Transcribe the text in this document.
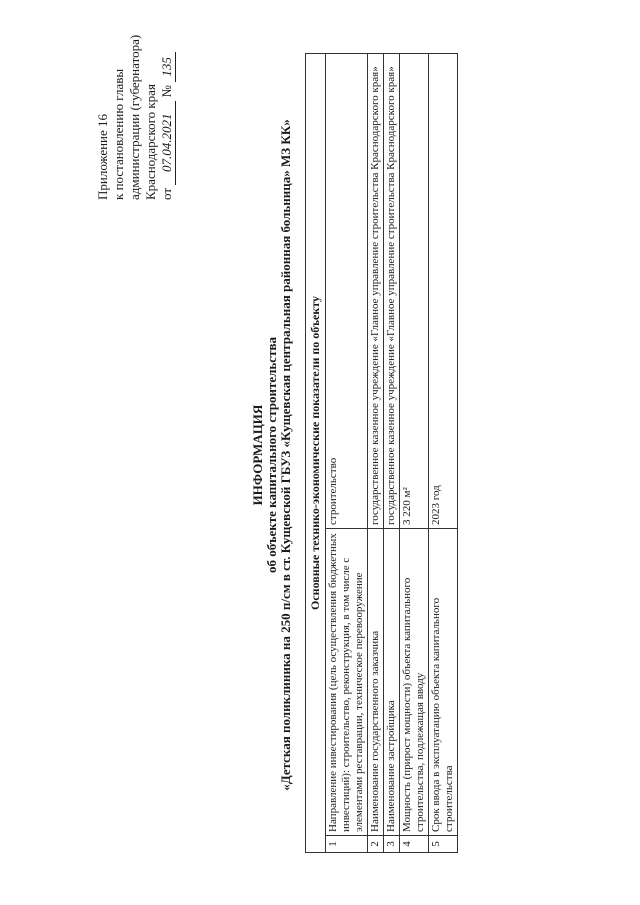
Приложение 16 к постановлению главы администрации (губернатора) Краснодарского края от 07.04.2021 № 135
ИНФОРМАЦИЯ об объекте капитального строительства «Детская поликлиника на 250 п/см в ст. Кущевской ГБУЗ «Кущевская центральная районная больница» МЗ КК» Основные технико-экономические показатели по объекту		
1	Направление инвестирования (цель осуществления бюджетных инвестиций): строительство, реконструкция, в том числе с элементами реставрации, техническое перевооружение	строительство
2	Наименование государственного заказчика	государственное казенное учреждение «Главное управление строительства Краснодарского края»
3	Наименование застройщика	государственное казенное учреждение «Главное управление строительства Краснодарского края»
4	Мощность (прирост мощности) объекта капитального строительства, подлежащая вводу	3 220 м²
5	Срок ввода в эксплуатацию объекта капитального строительства	2023 год
